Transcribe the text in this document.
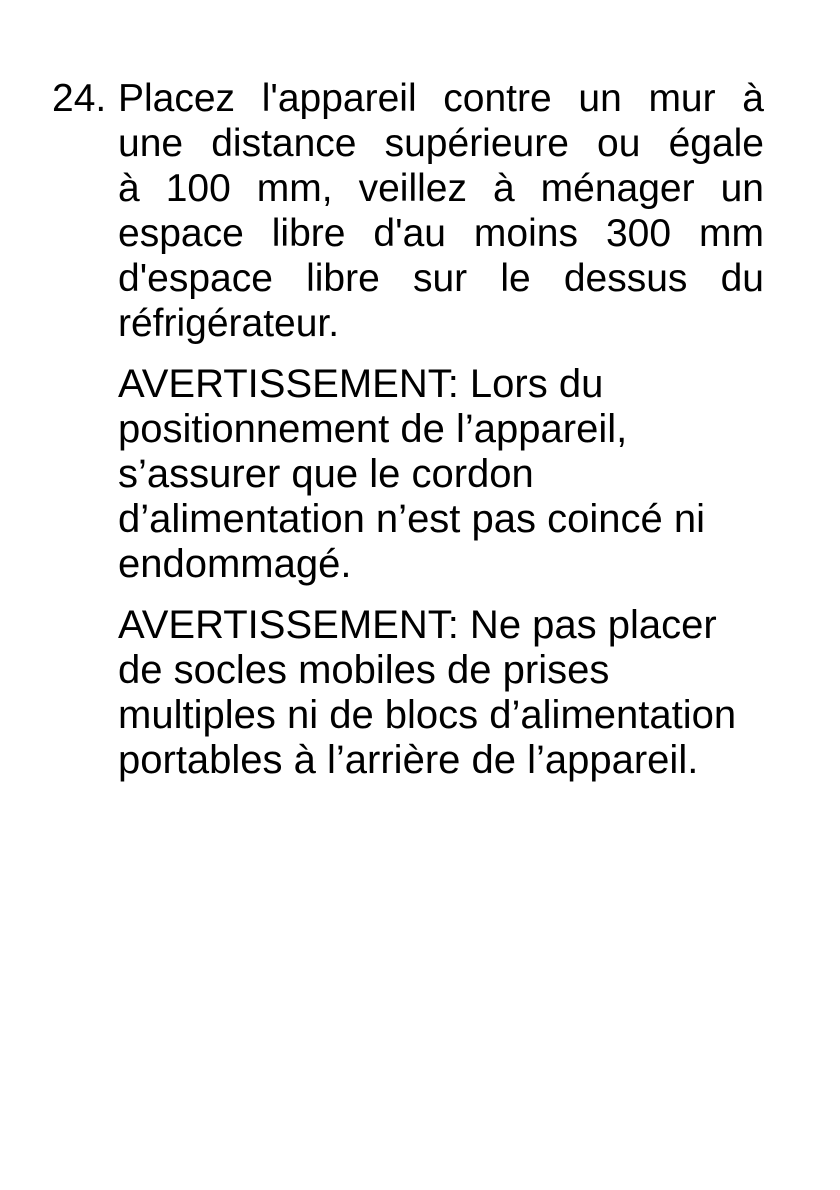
24. Placez l'appareil contre un mur à
une distance supérieure ou égale
à 100 mm, veillez à ménager un
espace libre d'au moins 300 mm
d'espace libre sur le dessus du
réfrigérateur.
AVERTISSEMENT: Lors du
positionnement de l’appareil,
s’assurer que le cordon
d’alimentation n’est pas coincé ni
endommagé.
AVERTISSEMENT: Ne pas placer
de socles mobiles de prises
multiples ni de blocs d’alimentation
portables à l’arrière de l’appareil.
